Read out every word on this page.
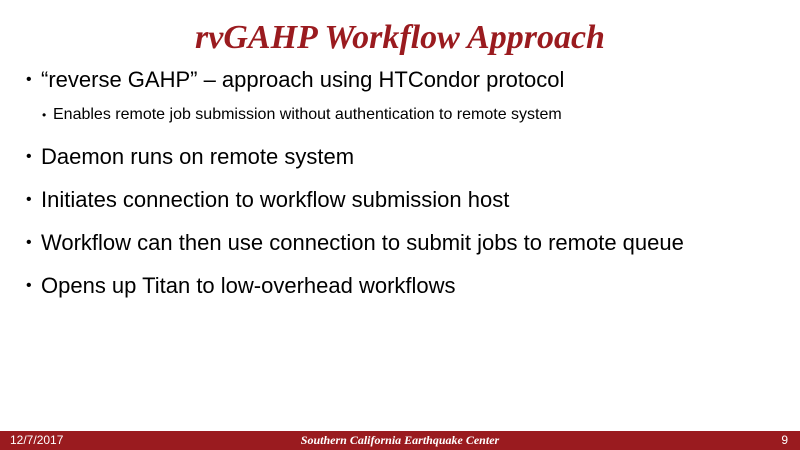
rvGAHP Workflow Approach
• “reverse GAHP” – approach using HTCondor protocol
• Enables remote job submission without authentication to remote system
• Daemon runs on remote system
• Initiates connection to workflow submission host
• Workflow can then use connection to submit jobs to remote queue
• Opens up Titan to low-overhead workflows
12/7/2017	Southern California Earthquake Center	9
